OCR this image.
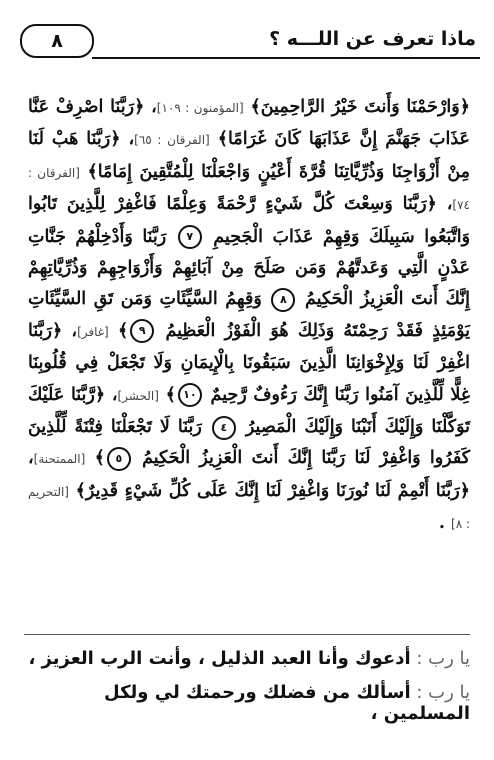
ماذا تعرف عن اللـــه ؟
٨
﴿وَارْحَمْنَا وَأَنتَ خَيْرُ الرَّاحِمِينَ﴾ [المؤمنون : ١٠٩]، ﴿رَبَّنَا اصْرِفْ عَنَّا عَذَابَ جَهَنَّمَ إِنَّ عَذَابَهَا كَانَ غَرَامًا﴾ [الفرقان : ٦٥]، ﴿رَبَّنَا هَبْ لَنَا مِنْ أَزْوَاجِنَا وَذُرِّيَّاتِنَا قُرَّةَ أَعْيُنٍ وَاجْعَلْنَا لِلْمُتَّقِينَ إِمَامًا﴾ [الفرقان : ٧٤]، ﴿رَبَّنَا وَسِعْتَ كُلَّ شَيْءٍ رَّحْمَةً وَعِلْمًا فَاغْفِرْ لِلَّذِينَ تَابُوا وَاتَّبَعُوا سَبِيلَكَ وَقِهِمْ عَذَابَ الْجَحِيمِ ٧ رَبَّنَا وَأَدْخِلْهُمْ جَنَّاتِ عَدْنٍ الَّتِي وَعَدتَّهُمْ وَمَن صَلَحَ مِنْ آبَائِهِمْ وَأَزْوَاجِهِمْ وَذُرِّيَّاتِهِمْ إِنَّكَ أَنتَ الْعَزِيزُ الْحَكِيمُ ٨ وَقِهِمُ السَّيِّئَاتِ وَمَن تَقِ السَّيِّئَاتِ يَوْمَئِذٍ فَقَدْ رَحِمْتَهُ وَذَلِكَ هُوَ الْفَوْزُ الْعَظِيمُ ٩﴾ [غافر]، ﴿رَبَّنَا اغْفِرْ لَنَا وَلِإِخْوَانِنَا الَّذِينَ سَبَقُونَا بِالْإِيمَانِ وَلَا تَجْعَلْ فِي قُلُوبِنَا غِلًّا لِّلَّذِينَ آمَنُوا رَبَّنَا إِنَّكَ رَءُوفٌ رَّحِيمٌ ١٠﴾ [الحشر]، ﴿رَّبَّنَا عَلَيْكَ تَوَكَّلْنَا وَإِلَيْكَ أَنَبْنَا وَإِلَيْكَ الْمَصِيرُ ٤ رَبَّنَا لَا تَجْعَلْنَا فِتْنَةً لِّلَّذِينَ كَفَرُوا وَاغْفِرْ لَنَا رَبَّنَا إِنَّكَ أَنتَ الْعَزِيزُ الْحَكِيمُ ٥﴾ [الممتحنة]، ﴿رَبَّنَا أَتْمِمْ لَنَا نُورَنَا وَاغْفِرْ لَنَا إِنَّكَ عَلَى كُلِّ شَيْءٍ قَدِيرٌ﴾ [التحريم : ٨] .
يا رب : أدعوك وأنا العبد الذليل ، وأنت الرب العزيز ،
يا رب : أسألك من فضلك ورحمتك لي ولكل المسلمين ،
